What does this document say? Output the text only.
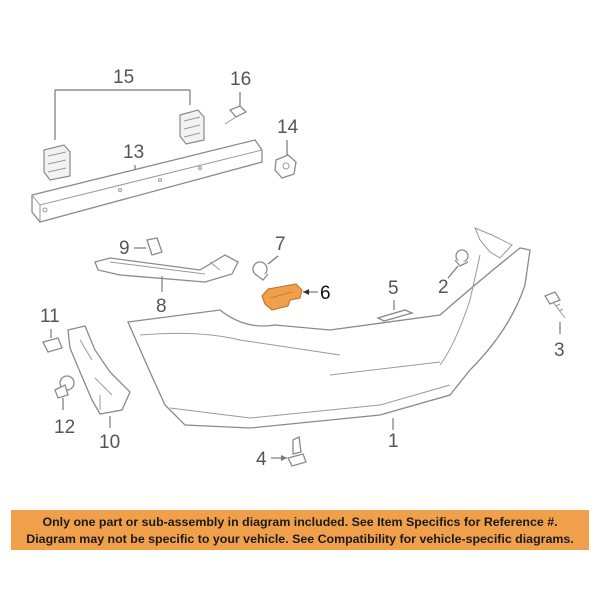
15	16
13
14
9
8
7
6	5 2
1
3
11
10
12
4
Only one part or sub-assembly in diagram included. See Item Specifics for Reference #.
Diagram may not be specific to your vehicle. See Compatibility for vehicle-specific diagrams.
